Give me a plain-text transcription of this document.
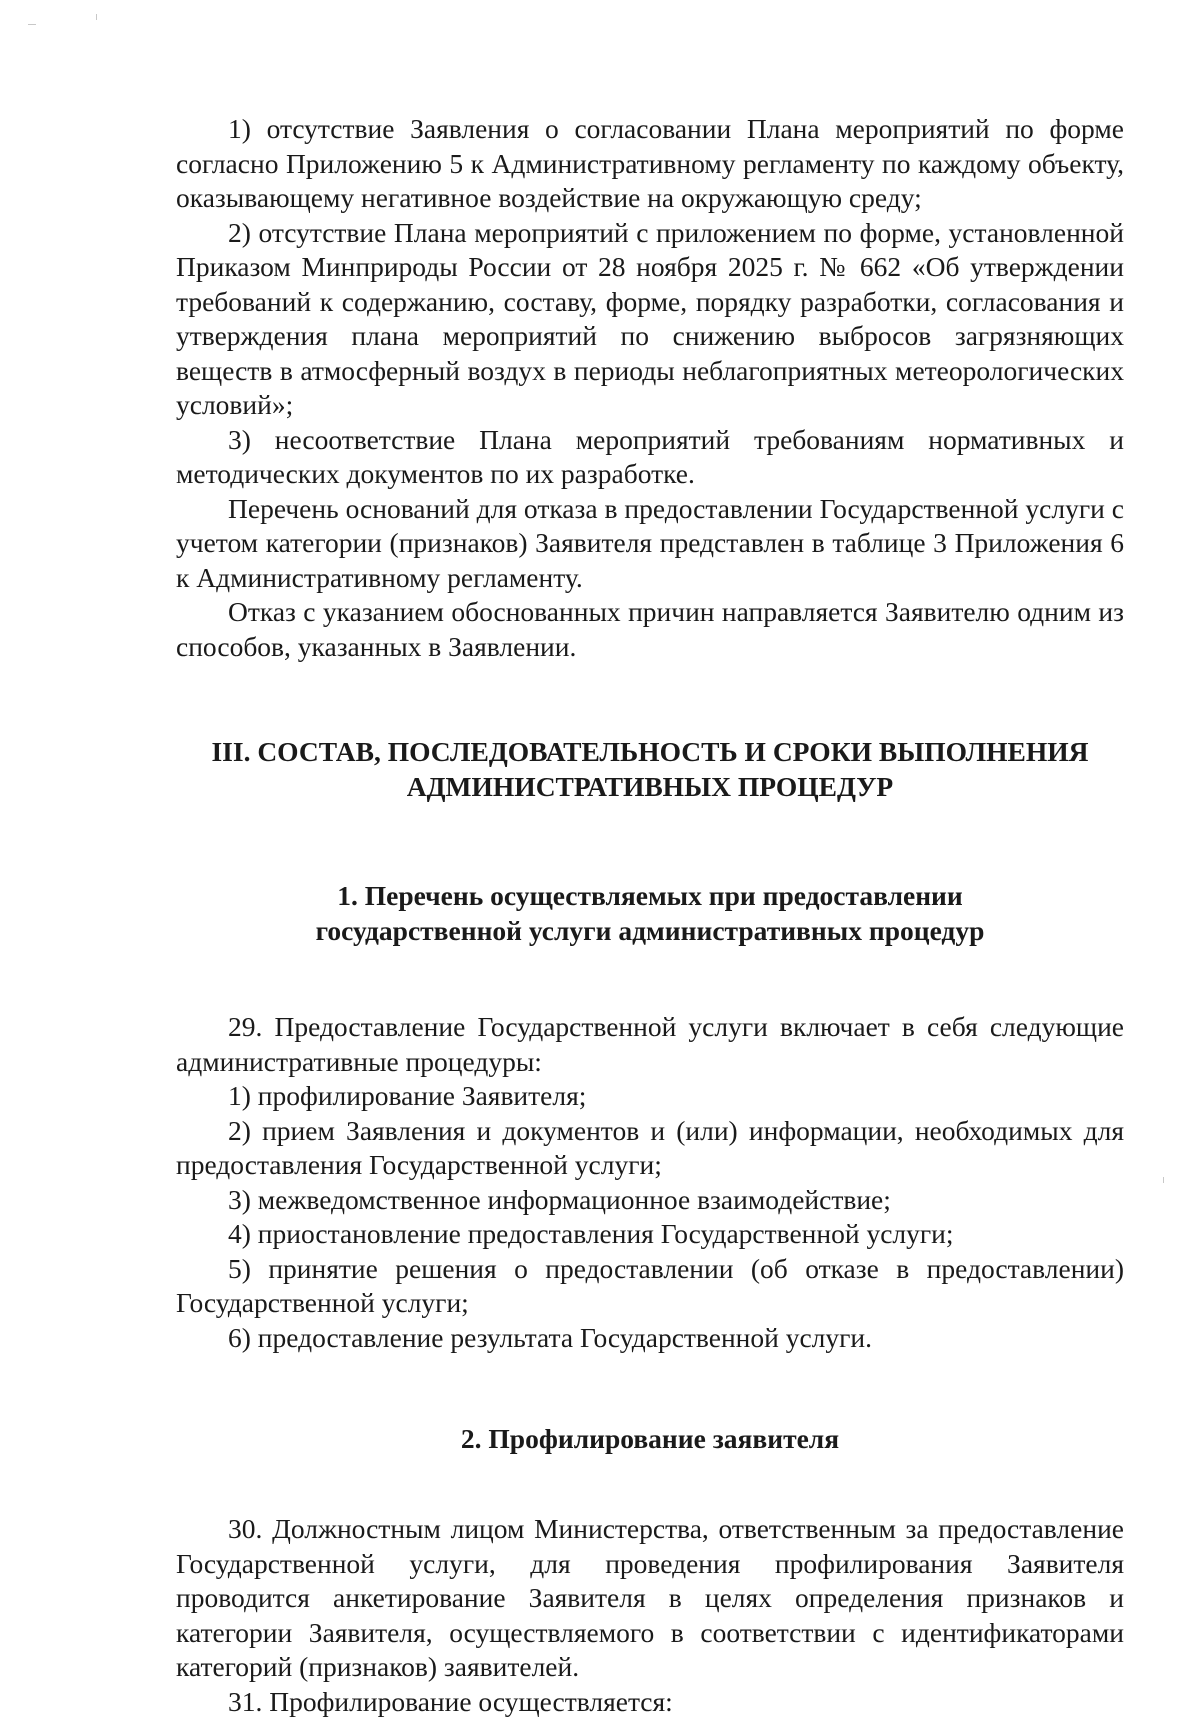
1) отсутствие Заявления о согласовании Плана мероприятий по форме согласно Приложению 5 к Административному регламенту по каждому объекту, оказывающему негативное воздействие на окружающую среду;

2) отсутствие Плана мероприятий с приложением по форме, установленной Приказом Минприроды России от 28 ноября 2025 г. № 662 «Об утверждении требований к содержанию, составу, форме, порядку разработки, согласования и утверждения плана мероприятий по снижению выбросов загрязняющих веществ в атмосферный воздух в периоды неблагоприятных метеорологических условий»;

3) несоответствие Плана мероприятий требованиям нормативных и методических документов по их разработке.

Перечень оснований для отказа в предоставлении Государственной услуги с учетом категории (признаков) Заявителя представлен в таблице 3 Приложения 6 к Административному регламенту.

Отказ с указанием обоснованных причин направляется Заявителю одним из способов, указанных в Заявлении.

III. СОСТАВ, ПОСЛЕДОВАТЕЛЬНОСТЬ И СРОКИ ВЫПОЛНЕНИЯ
АДМИНИСТРАТИВНЫХ ПРОЦЕДУР
1. Перечень осуществляемых при предоставлении
государственной услуги административных процедур

29. Предоставление Государственной услуги включает в себя следующие административные процедуры:

1) профилирование Заявителя;

2) прием Заявления и документов и (или) информации, необходимых для предоставления Государственной услуги;

3) межведомственное информационное взаимодействие;

4) приостановление предоставления Государственной услуги;

5) принятие решения о предоставлении (об отказе в предоставлении) Государственной услуги;

6) предоставление результата Государственной услуги.

2. Профилирование заявителя

30. Должностным лицом Министерства, ответственным за предоставление Государственной услуги, для проведения профилирования Заявителя проводится анкетирование Заявителя в целях определения признаков и категории Заявителя, осуществляемого в соответствии с идентификаторами категорий (признаков) заявителей.

31. Профилирование осуществляется:
